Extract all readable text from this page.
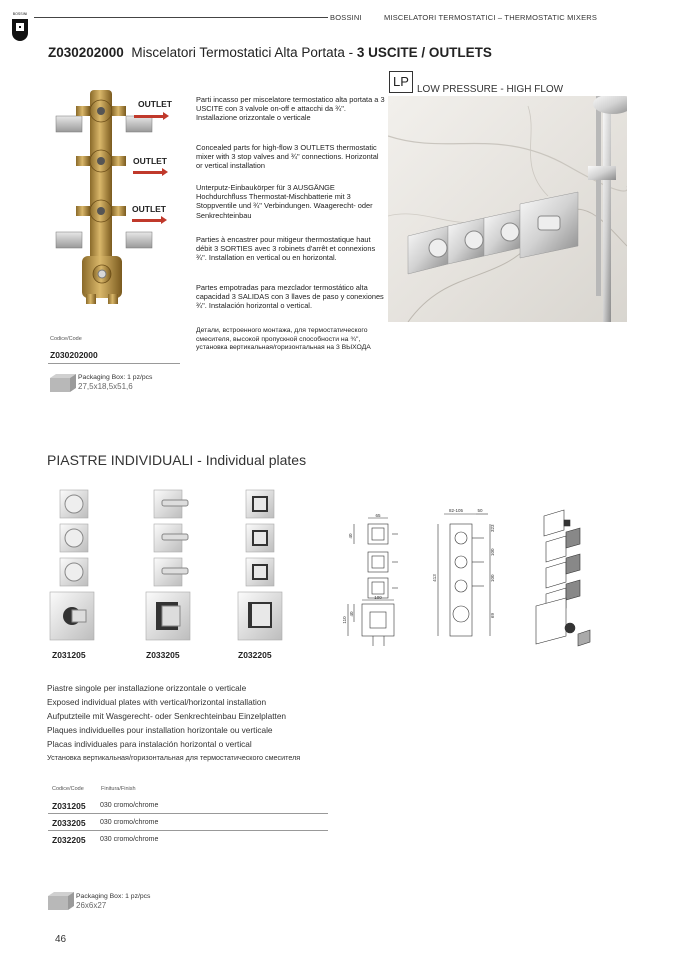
BOSSINI	BOSSINI	MISCELATORI TERMOSTATICI – THERMOSTATIC MIXERS
Z030202000 Miscelatori Termostatici Alta Portata - 3 USCITE / OUTLETS
OUTLET
OUTLET
OUTLET
Parti incasso per miscelatore termostatico alta portata a 3 USCITE con 3 valvole on-off e attacchi da ¾". Installazione orizzontale o verticale
Concealed parts for high-flow 3 OUTLETS thermostatic mixer with 3 stop valves and ¾" connections. Horizontal or vertical installation
Unterputz-Einbaukörper für 3 AUSGÄNGE Hochdurchfluss Thermostat-Mischbatterie mit 3 Stoppventile und ¾" Verbindungen. Waagerecht- oder Senkrechteinbau
Parties à encastrer pour mitigeur thermostatique haut débit 3 SORTIES avec 3 robinets d'arrêt et connexions ¾". Installation en vertical ou en horizontal.
Partes empotradas para mezclador termostático alta capacidad 3 SALIDAS con 3 llaves de paso y conexiones ¾". Instalación horizontal o vertical.
Детали, встроенного монтажа, для термостатического смесителя, высокой пропускной способности на ¾", установка вертикальная/горизонтальная на 3 ВЫХОДА
Codice/Code
Z030202000
Packaging Box: 1 pz/pcs
27,5x18,5x51,6
LP
LOW PRESSURE - HIGH FLOW
PIASTRE INDIVIDUALI - Individual plates
Z031205	Z033205	Z032205
65
40
100
110
40
82-105	50
323
100
100
413
69
Piastre singole per installazione orizzontale o verticale
Exposed individual plates with vertical/horizontal installation
Aufputzteile mit Wasgerecht- oder Senkrechteinbau Einzelplatten
Plaques individuelles pour installation horizontale ou verticale
Placas individuales para instalación horizontal o vertical
Установка вертикальная/горизонтальная для термостатического смесителя
Codice/Code	Finitura/Finish
Z031205 030 cromo/chrome
Z033205 030 cromo/chrome
Z032205 030 cromo/chrome
Packaging Box: 1 pz/pcs
26x6x27
46
